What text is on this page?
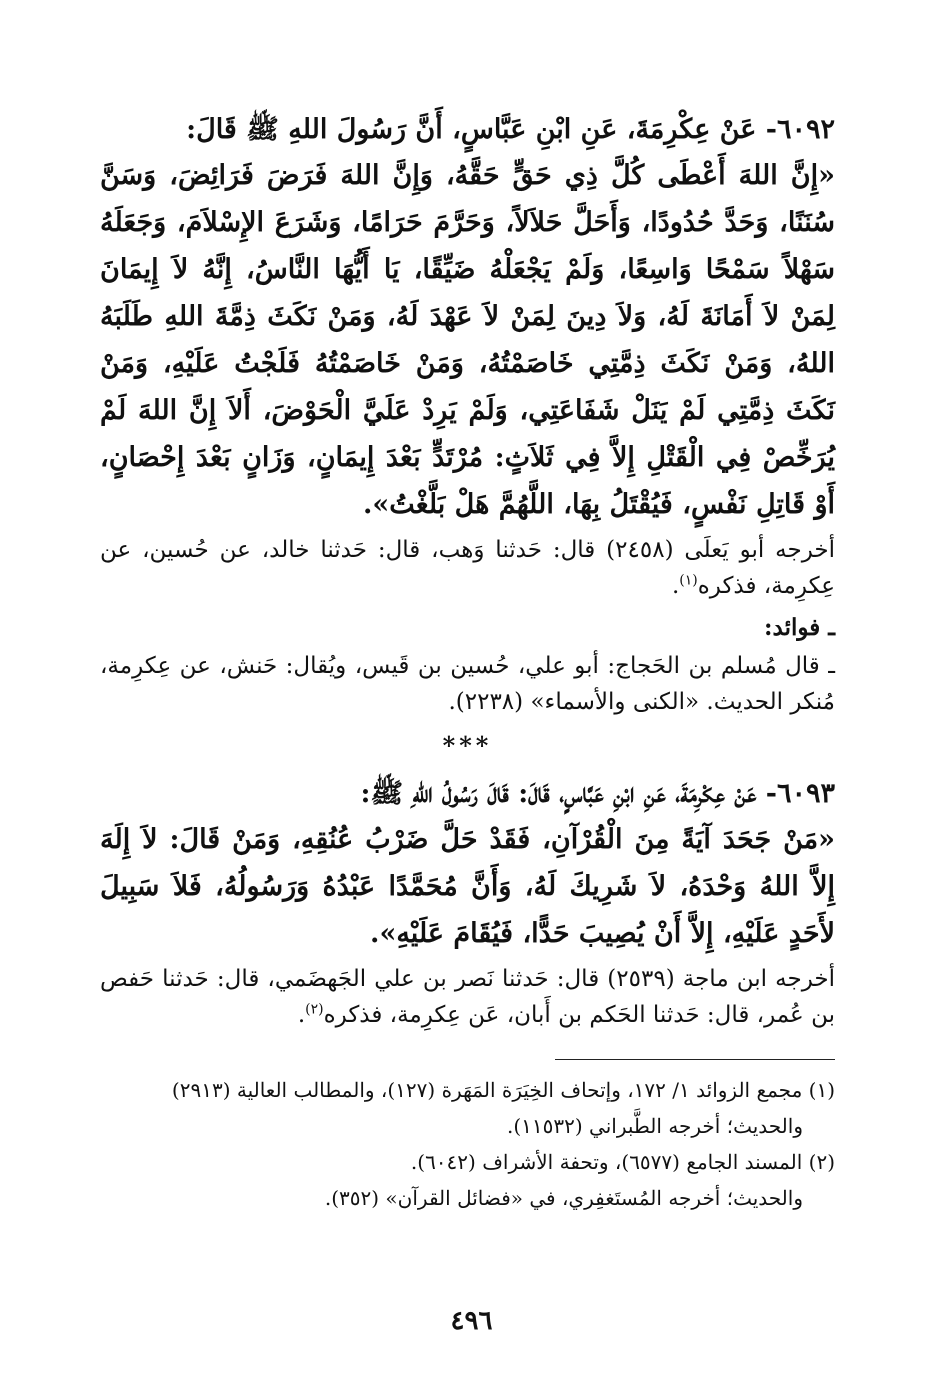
٦٠٩٢- عَنْ عِكْرِمَةَ، عَنِ ابْنِ عَبَّاسٍ، أَنَّ رَسُولَ اللهِ ﷺ قَالَ:
«إِنَّ اللهَ أَعْطَى كُلَّ ذِي حَقٍّ حَقَّهُ، وَإِنَّ اللهَ فَرَضَ فَرَائِضَ، وَسَنَّ سُنَنًا، وَحَدَّ حُدُودًا، وَأَحَلَّ حَلاَلاً، وَحَرَّمَ حَرَامًا، وَشَرَعَ الإِسْلاَمَ، وَجَعَلَهُ سَهْلاً سَمْحًا وَاسِعًا، وَلَمْ يَجْعَلْهُ ضَيِّقًا، يَا أَيُّهَا النَّاسُ، إِنَّهُ لاَ إِيمَانَ لِمَنْ لاَ أَمَانَةَ لَهُ، وَلاَ دِينَ لِمَنْ لاَ عَهْدَ لَهُ، وَمَنْ نَكَثَ ذِمَّةَ اللهِ طَلَبَهُ اللهُ، وَمَنْ نَكَثَ ذِمَّتِي خَاصَمْتُهُ، وَمَنْ خَاصَمْتُهُ فَلَجْتُ عَلَيْهِ، وَمَنْ نَكَثَ ذِمَّتِي لَمْ يَنَلْ شَفَاعَتِي، وَلَمْ يَرِدْ عَلَيَّ الْحَوْضَ، أَلاَ إِنَّ اللهَ لَمْ يُرَخِّصْ فِي الْقَتْلِ إِلاَّ فِي ثَلاَثٍ: مُرْتَدٍّ بَعْدَ إِيمَانٍ، وَزَانٍ بَعْدَ إِحْصَانٍ، أَوْ قَاتِلِ نَفْسٍ، فَيُقْتَلُ بِهَا، اللَّهُمَّ هَلْ بَلَّغْتُ».
أخرجه أبو يَعلَى (٢٤٥٨) قال: حَدثنا وَهب، قال: حَدثنا خالد، عن حُسين، عن عِكرِمة، فذكره$^{(١)}$.
ـ فوائد:
ـ قال مُسلم بن الحَجاج: أبو علي، حُسين بن قَيس، ويُقال: حَنش، عن عِكرِمة، مُنكر الحديث. «الكنى والأسماء» (٢٢٣٨).
***
٦٠٩٣- عَنْ عِكْرِمَةَ، عَنِ ابْنِ عَبَّاسٍ، قَالَ: قَالَ رَسُولُ اللهِ ﷺ:
«مَنْ جَحَدَ آيَةً مِنَ الْقُرْآنِ، فَقَدْ حَلَّ ضَرْبُ عُنُقِهِ، وَمَنْ قَالَ: لاَ إِلَهَ إِلاَّ اللهُ وَحْدَهُ، لاَ شَرِيكَ لَهُ، وَأَنَّ مُحَمَّدًا عَبْدُهُ وَرَسُولُهُ، فَلاَ سَبِيلَ لأَحَدٍ عَلَيْهِ، إِلاَّ أَنْ يُصِيبَ حَدًّا، فَيُقَامَ عَلَيْهِ».
أخرجه ابن ماجة (٢٥٣٩) قال: حَدثنا نَصر بن علي الجَهضَمي، قال: حَدثنا حَفص بن عُمر، قال: حَدثنا الحَكم بن أَبان، عَن عِكرِمة، فذكره$^{(٢)}$.
(١) مجمع الزوائد ١/ ١٧٢، وإتحاف الخِيَرَة المَهَرة (١٢٧)، والمطالب العالية (٢٩١٣)
والحديث؛ أخرجه الطَّبراني (١١٥٣٢).
(٢) المسند الجامع (٦٥٧٧)، وتحفة الأشراف (٦٠٤٢).
والحديث؛ أخرجه المُستَغفِري، في «فضائل القرآن» (٣٥٢).
٤٩٦
